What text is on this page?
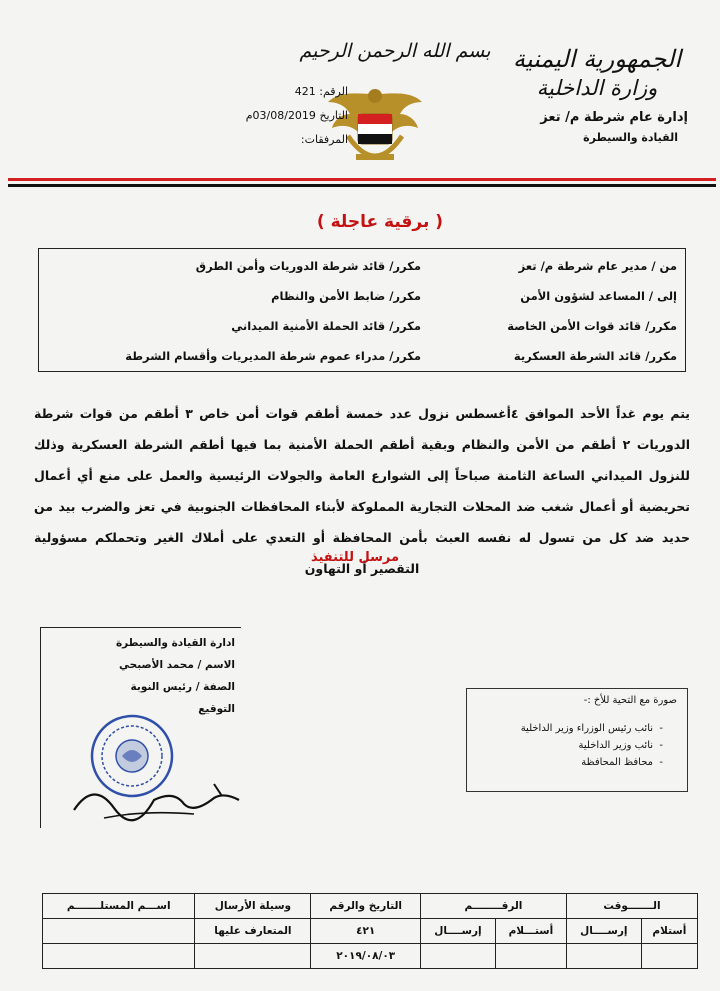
الجمهورية اليمنية
وزارة الداخلية
إدارة عام شرطة م/ تعز
القيادة والسيطرة
بسم الله الرحمن الرحيم
الرقم: 421
التاريخ 03/08/2019م
المرفقات:
( برقية عاجلة )
من / مدير عام شرطة م/ تعز
إلى / المساعد لشؤون الأمن
مكرر/ قائد قوات الأمن الخاصة
مكرر/ قائد الشرطة العسكرية
مكرر/ قائد شرطة الدوريات وأمن الطرق
مكرر/ ضابط الأمن والنظام
مكرر/ قائد الحملة الأمنية الميداني
مكرر/ مدراء عموم شرطة المديريات وأقسام الشرطة
يتم يوم غداً الأحد الموافق ٤أغسطس نزول عدد خمسة أطقم قوات أمن خاص ٣ أطقم من قوات شرطة الدوريات ٢ أطقم من الأمن والنظام وبقية أطقم الحملة الأمنية بما فيها أطقم الشرطة العسكرية وذلك للنزول الميداني الساعة الثامنة صباحاً إلى الشوارع العامة والجولات الرئيسية والعمل على منع أي أعمال تحريضية أو أعمال شغب ضد المحلات التجارية المملوكة لأبناء المحافظات الجنوبية في تعز والضرب بيد من حديد ضد كل من تسول له نفسه العبث بأمن المحافظة أو التعدي على أملاك الغير وتحملكم مسؤولية التقصير أو التهاون
مرسل للتنفيذ
ادارة القيادة والسيطرة
الاسم / محمد الأصبحي
الصفة / رئيس النوبة
التوقيع
صورة مع التحية للأخ :-
-  نائب رئيس الوزراء وزير الداخلية
-  نائب وزير الداخلية
-  محافظ المحافظة
الـــــــوقت		الرقــــــــم		التاريخ والرقم	وسيلة الأرسال	اســـم المستلـــــــم
أستلام	إرســــال	أستـــلام	إرســــال	٤٢١	المتعارف عليها	
				٢٠١٩/٠٨/٠٣		
